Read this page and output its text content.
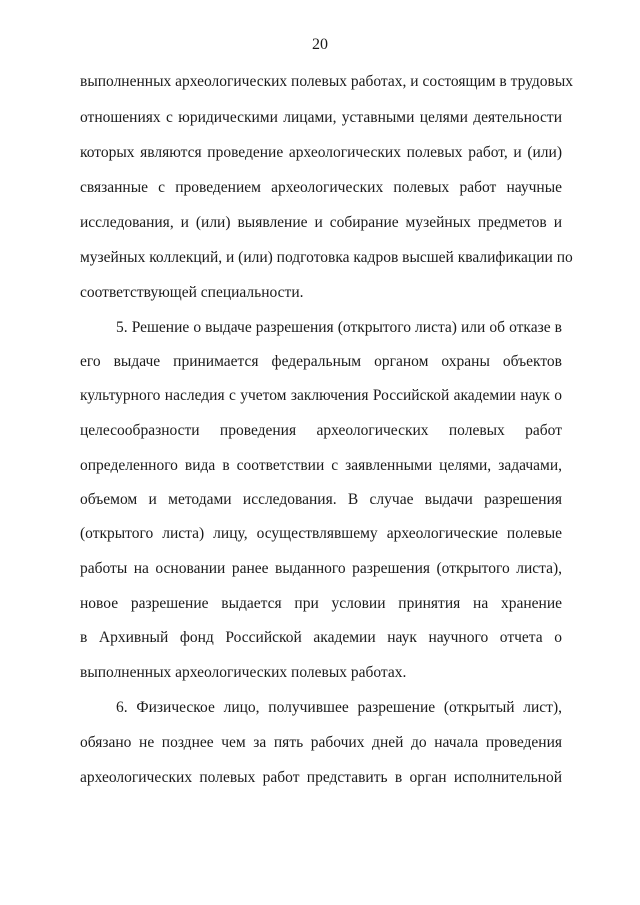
20
выполненных археологических полевых работах, и состоящим в трудовых
отношениях с юридическими лицами, уставными целями деятельности
которых являются проведение археологических полевых работ, и (или)
связанные с проведением археологических полевых работ научные
исследования, и (или) выявление и собирание музейных предметов и
музейных коллекций, и (или) подготовка кадров высшей квалификации по
соответствующей специальности.
5. Решение о выдаче разрешения (открытого листа) или об отказе в
его выдаче принимается федеральным органом охраны объектов
культурного наследия с учетом заключения Российской академии наук о
целесообразности проведения археологических полевых работ
определенного вида в соответствии с заявленными целями, задачами,
объемом и методами исследования. В случае выдачи разрешения
(открытого листа) лицу, осуществлявшему археологические полевые
работы на основании ранее выданного разрешения (открытого листа),
новое разрешение выдается при условии принятия на хранение
в Архивный фонд Российской академии наук научного отчета о
выполненных археологических полевых работах.
6. Физическое лицо, получившее разрешение (открытый лист),
обязано не позднее чем за пять рабочих дней до начала проведения
археологических полевых работ представить в орган исполнительной
